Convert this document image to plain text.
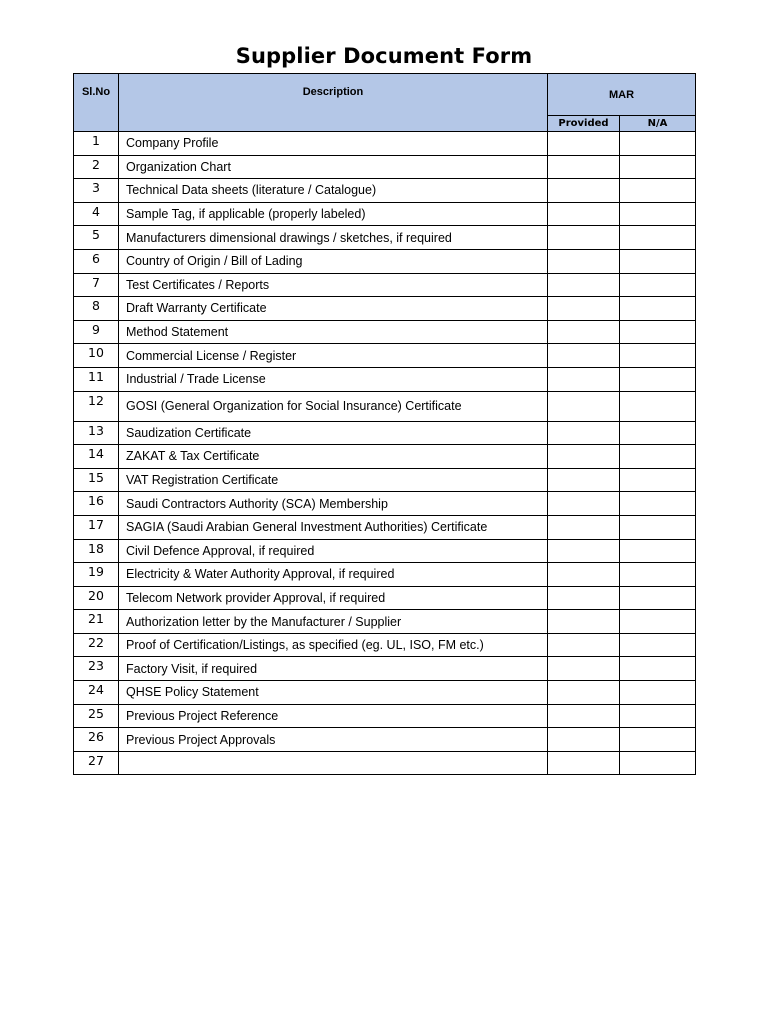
Supplier Document Form
Sl.No	Description	MAR	
		Provided	N/A
1	Company Profile		
2	Organization Chart		
3	Technical Data sheets (literature / Catalogue)		
4	Sample Tag, if applicable (properly labeled)		
5	Manufacturers dimensional drawings / sketches, if required		
6	Country of Origin / Bill of Lading		
7	Test Certificates / Reports		
8	Draft Warranty Certificate		
9	Method Statement		
10	Commercial License / Register		
11	Industrial / Trade License		
12	GOSI (General Organization for Social Insurance) Certificate		
13	Saudization Certificate		
14	ZAKAT & Tax Certificate		
15	VAT Registration Certificate		
16	Saudi Contractors Authority (SCA) Membership		
17	SAGIA (Saudi Arabian General Investment Authorities) Certificate		
18	Civil Defence Approval, if required		
19	Electricity & Water Authority Approval, if required		
20	Telecom Network provider Approval, if required		
21	Authorization letter by the Manufacturer / Supplier		
22	Proof of Certification/Listings, as specified (eg. UL, ISO, FM etc.)		
23	Factory Visit, if required		
24	QHSE Policy Statement		
25	Previous Project Reference		
26	Previous Project Approvals		
27			
